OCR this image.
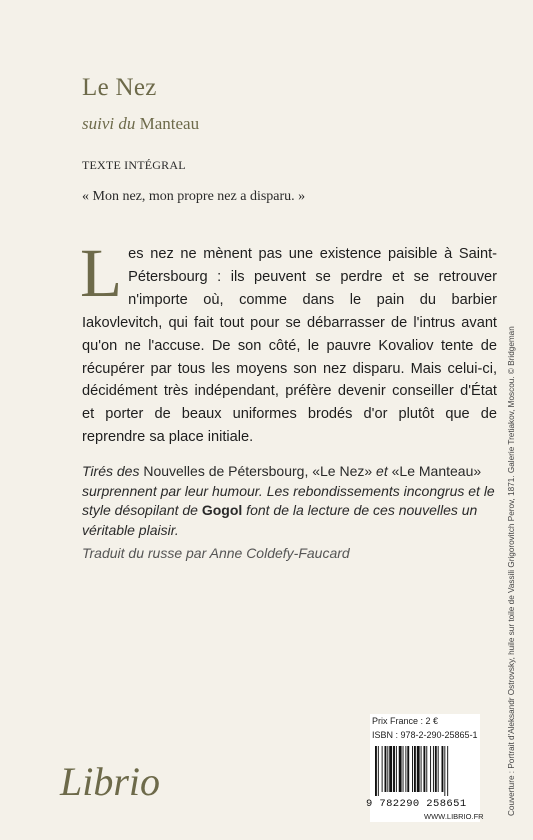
Le Nez
suivi du Manteau
TEXTE INTÉGRAL
« Mon nez, mon propre nez a disparu. »
Les nez ne mènent pas une existence paisible à Saint-Pétersbourg : ils peuvent se perdre et se retrouver n'importe où, comme dans le pain du barbier Iakovlevitch, qui fait tout pour se débarrasser de l'intrus avant qu'on ne l'accuse. De son côté, le pauvre Kovaliov tente de récupérer par tous les moyens son nez disparu. Mais celui-ci, décidément très indépendant, préfère devenir conseiller d'État et porter de beaux uniformes brodés d'or plutôt que de reprendre sa place initiale.
Tirés des Nouvelles de Pétersbourg, «Le Nez» et «Le Manteau» surprennent par leur humour. Les rebondissements incongrus et le style désopilant de Gogol font de la lecture de ces nouvelles un véritable plaisir.
Traduit du russe par Anne Coldefy-Faucard	Couverture : Portrait d'Aleksandr Ostrovsky, huile sur toile de Vassili Grigorovitch Perov, 1871. Galerie Tretiakov, Moscou. © Bridgeman
Librio
Prix France : 2 €
ISBN : 978-2-290-25865-1
9 782290 258651
WWW.LIBRIO.FR
